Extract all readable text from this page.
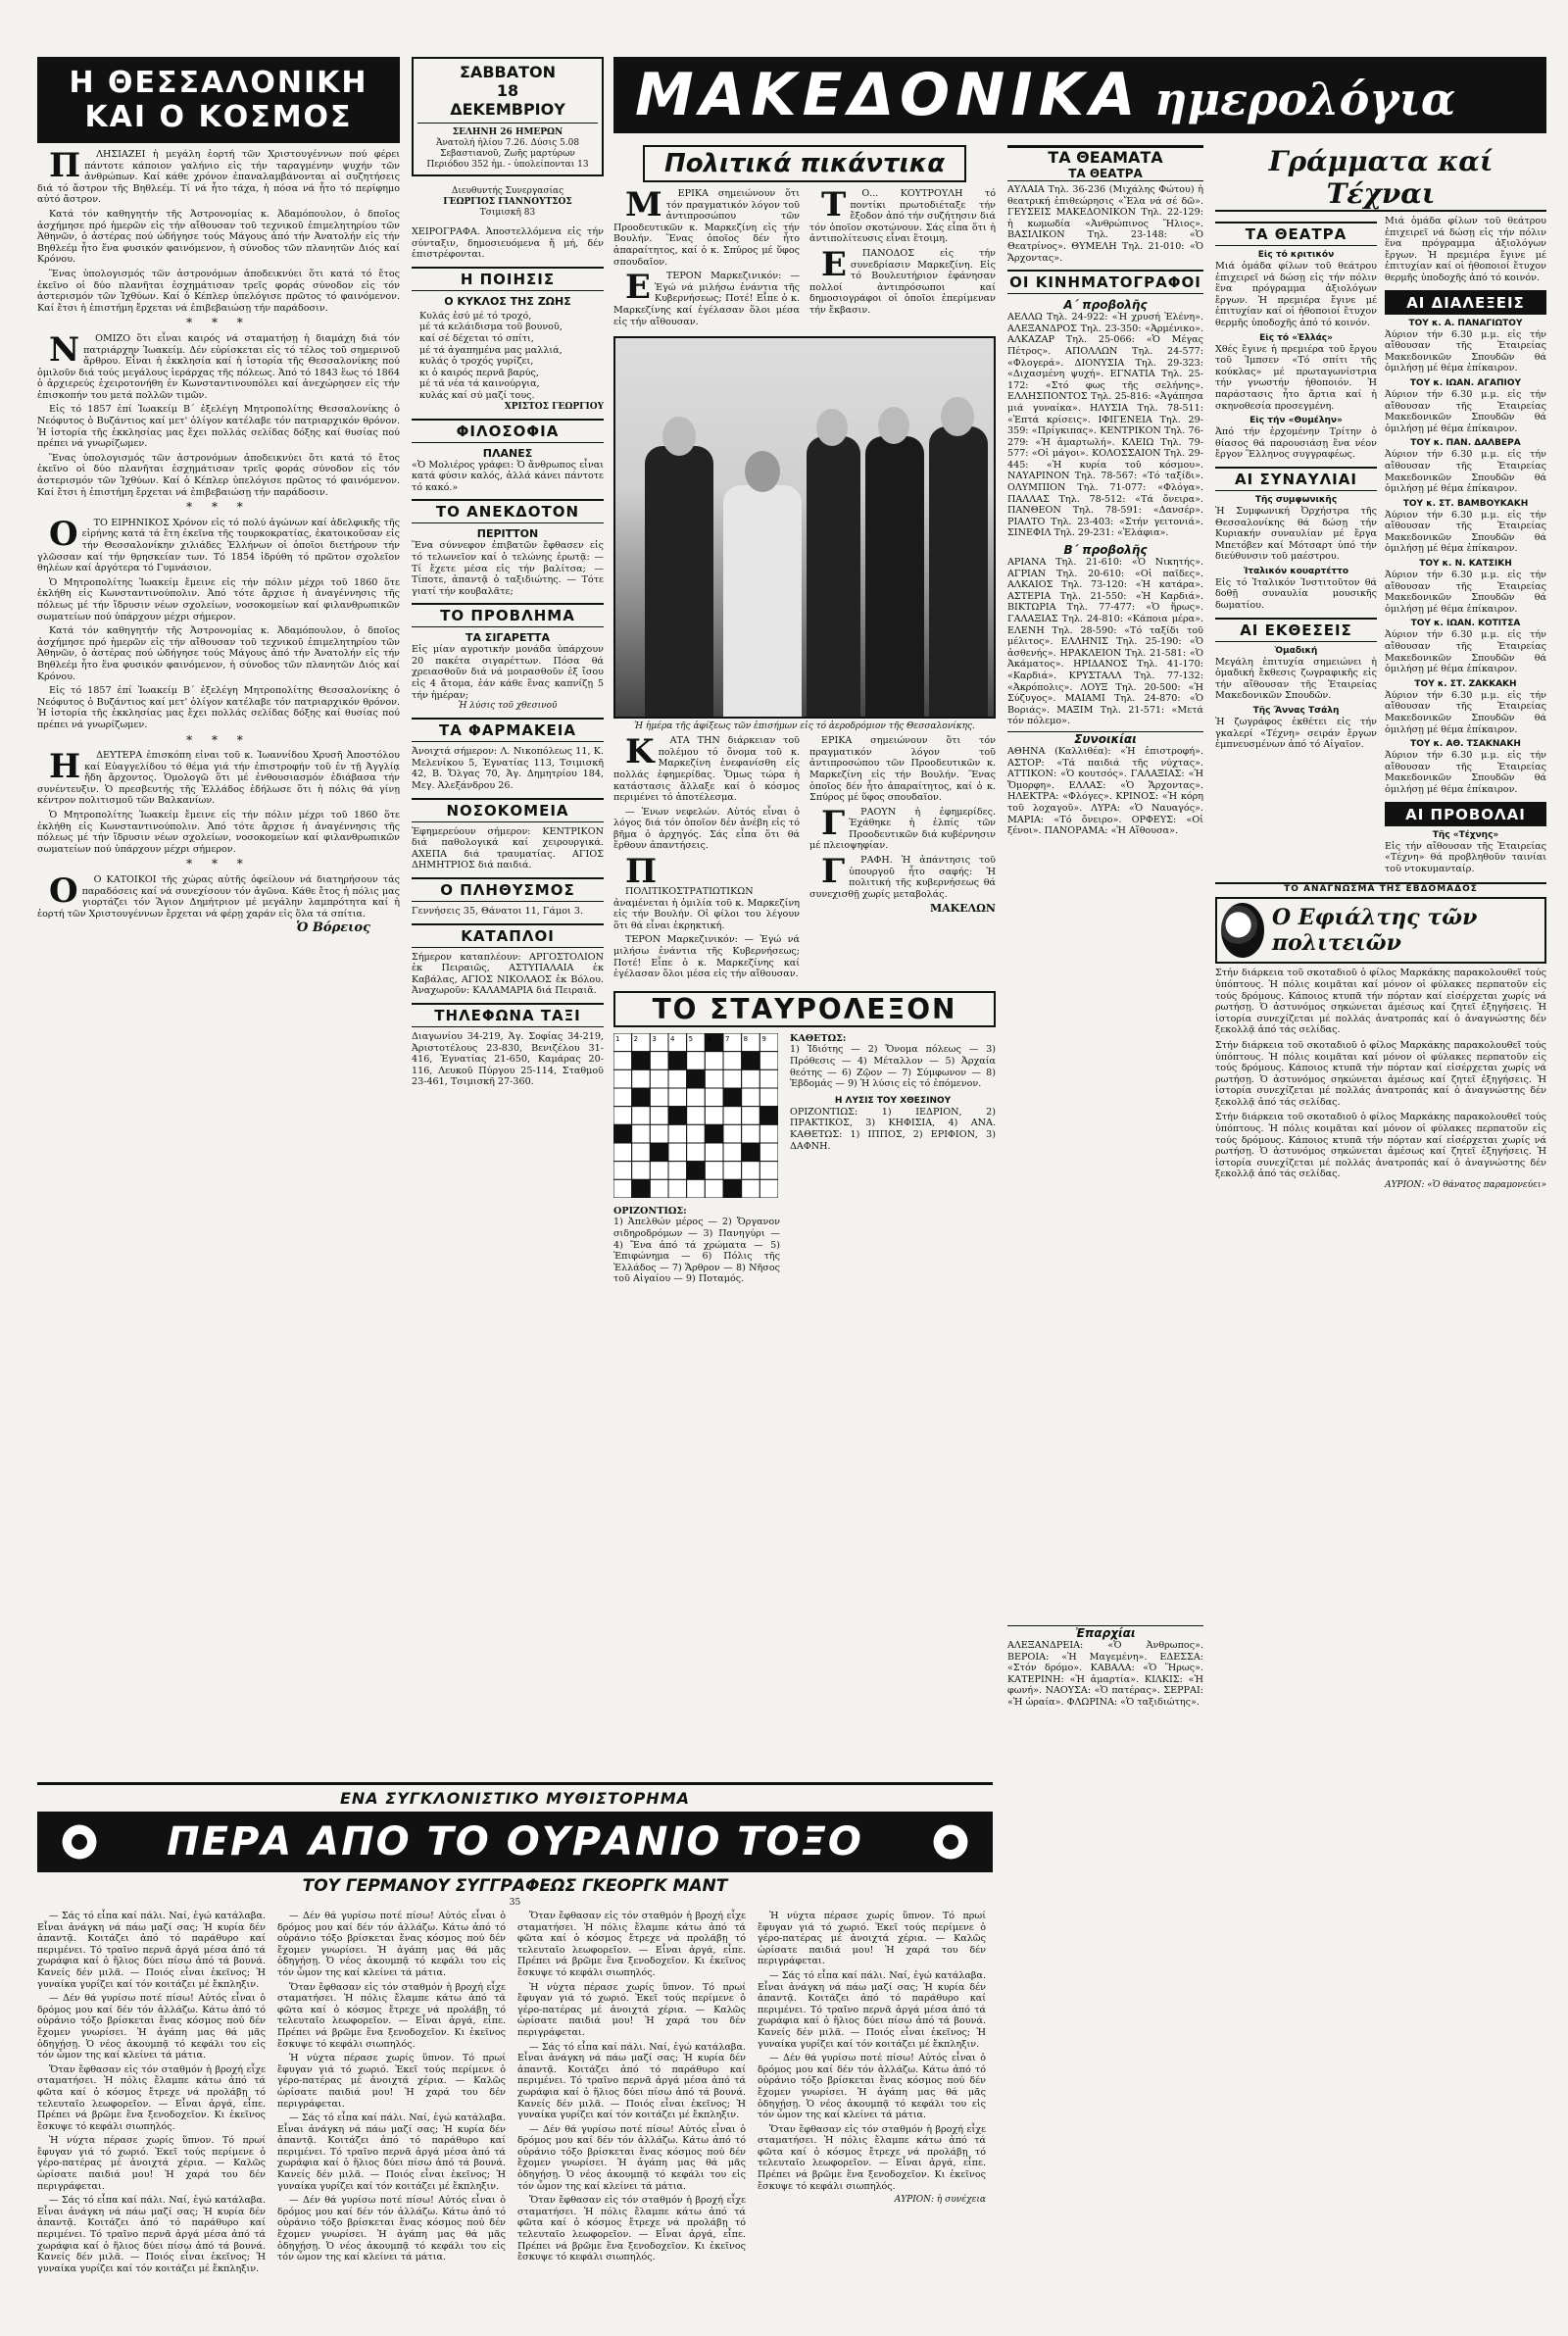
Η ΘΕΣΣΑΛΟΝΙΚΗ
ΚΑΙ Ο ΚΟΣΜΟΣ

Π ΛΗΣΙΑΖΕΙ ἡ μεγάλη ἑορτή τῶν Χριστουγέννων πού φέρει πάντοτε κάποιον γαλήνιο εἰς τήν ταραγμένην ψυχήν τῶν ἀνθρώπων. Καί κάθε χρόνον ἐπαναλαμβάνονται αἱ συζητήσεις διά τό ἄστρον τῆς Βηθλεέμ. Τί νά ἦτο τάχα, ἡ πόσα νά ἦτο τό περίφημο αὐτό ἄστρον.

Κατά τόν καθηγητήν τῆς Ἀστρονομίας κ. Ἀδαμόπουλον, ὁ δποῖος ἀσχήμησε πρό ἡμερῶν εἰς τήν αἴθουσαν τοῦ τεχνικοῦ ἐπιμελητηρίου τῶν Ἀθηνῶν, ὁ ἀστέρας πού ὡδήγησε τούς Μάγους ἀπό τήν Ἀνατολήν εἰς τήν Βηθλεέμ ἦτο ἕνα φυσικόν φαινόμενον, ἡ σύνοδος τῶν πλανητῶν Διός καί Κρόνου.

Ἕνας ὑπολογισμός τῶν ἀστρονόμων ἀποδεικνύει ὅτι κατά τό ἔτος ἐκεῖνο οἱ δύο πλανῆται ἐσχημάτισαν τρεῖς φοράς σύνοδον εἰς τόν ἀστερισμόν τῶν Ἰχθύων. Καί ὁ Κέπλερ ὑπελόγισε πρῶτος τό φαινόμενον. Καί ἔτσι ἡ ἐπιστήμη ἔρχεται νά ἐπιβεβαιώσῃ τήν παράδοσιν.

* * *

Ν ΟΜΙΖΟ ὅτι εἶναι καιρός νά σταματήσῃ ἡ διαμάχη διά τόν πατριάρχην Ἰωακείμ. Δέν εὑρίσκεται εἰς τό τέλος τοῦ σημερινοῦ ἄρθρου. Εἶναι ἡ ἐκκλησία καί ἡ ἱστορία τῆς Θεσσαλονίκης πού ὁμιλοῦν διά τούς μεγάλους ἱεράρχας τῆς πόλεως. Ἀπό τό 1843 ἕως τό 1864 ὁ ἀρχιερεύς ἐχειροτονήθη ἐν Κωνσταντινουπόλει καί ἀνεχώρησεν εἰς τήν ἐπισκοπήν του μετά πολλῶν τιμῶν.

Εἰς τό 1857 ἐπί Ἰωακείμ Β΄ ἐξελέγη Μητροπολίτης Θεσσαλονίκης ὁ Νεόφυτος ὁ Βυζάντιος καί μετ' ὀλίγον κατέλαβε τόν πατριαρχικόν θρόνον. Ἡ ἱστορία τῆς ἐκκλησίας μας ἔχει πολλάς σελίδας δόξης καί θυσίας πού πρέπει νά γνωρίζωμεν.

Ἕνας ὑπολογισμός τῶν ἀστρονόμων ἀποδεικνύει ὅτι κατά τό ἔτος ἐκεῖνο οἱ δύο πλανῆται ἐσχημάτισαν τρεῖς φοράς σύνοδον εἰς τόν ἀστερισμόν τῶν Ἰχθύων. Καί ὁ Κέπλερ ὑπελόγισε πρῶτος τό φαινόμενον. Καί ἔτσι ἡ ἐπιστήμη ἔρχεται νά ἐπιβεβαιώσῃ τήν παράδοσιν.

* * *

Ο ΤΟ ΕΙΡΗΝΙΚΟΣ Χρόνον εἰς τό πολύ ἀγώνων καί ἀδελφικῆς τῆς εἰρήνης κατά τά ἔτη ἐκεῖνα τῆς τουρκοκρατίας, ἐκατοικοῦσαν εἰς τήν Θεσσαλονίκην χιλιάδες Ἑλλήνων οἱ ὁποῖοι διετήρουν τήν γλῶσσαν καί τήν θρησκείαν των. Τό 1854 ἱδρύθη τό πρῶτον σχολεῖον θηλέων καί ἀργότερα τό Γυμνάσιον.

Ὁ Μητροπολίτης Ἰωακείμ ἔμεινε εἰς τήν πόλιν μέχρι τοῦ 1860 ὅτε ἐκλήθη εἰς Κωνσταντινούπολιν. Ἀπό τότε ἄρχισε ἡ ἀναγέννησις τῆς πόλεως μέ τήν ἵδρυσιν νέων σχολείων, νοσοκομείων καί φιλανθρωπικῶν σωματείων πού ὑπάρχουν μέχρι σήμερον.

Κατά τόν καθηγητήν τῆς Ἀστρονομίας κ. Ἀδαμόπουλον, ὁ δποῖος ἀσχήμησε πρό ἡμερῶν εἰς τήν αἴθουσαν τοῦ τεχνικοῦ ἐπιμελητηρίου τῶν Ἀθηνῶν, ὁ ἀστέρας πού ὡδήγησε τούς Μάγους ἀπό τήν Ἀνατολήν εἰς τήν Βηθλεέμ ἦτο ἕνα φυσικόν φαινόμενον, ἡ σύνοδος τῶν πλανητῶν Διός καί Κρόνου.

Εἰς τό 1857 ἐπί Ἰωακείμ Β΄ ἐξελέγη Μητροπολίτης Θεσσαλονίκης ὁ Νεόφυτος ὁ Βυζάντιος καί μετ' ὀλίγον κατέλαβε τόν πατριαρχικόν θρόνον. Ἡ ἱστορία τῆς ἐκκλησίας μας ἔχει πολλάς σελίδας δόξης καί θυσίας πού πρέπει νά γνωρίζωμεν.

* * *

Η ΔΕΥΤΕΡΑ ἐπισκόπη εἰναι τοῦ κ. Ἰωαννίδου Χρυσῆ Ἀποστόλου καί Εὐαγγελίδου τό θέμα γιά τήν ἐπιστροφήν τοῦ ἐν τῇ Ἀγγλίᾳ ἤδη ἄρχοντος. Ὁμολογῶ ὅτι μέ ἐνθουσιασμόν ἐδιάβασα τήν συνέντευξιν. Ὁ πρεσβευτής τῆς Ἑλλάδος ἐδήλωσε ὅτι ἡ πόλις θά γίνῃ κέντρον πολιτισμοῦ τῶν Βαλκανίων.

Ὁ Μητροπολίτης Ἰωακείμ ἔμεινε εἰς τήν πόλιν μέχρι τοῦ 1860 ὅτε ἐκλήθη εἰς Κωνσταντινούπολιν. Ἀπό τότε ἄρχισε ἡ ἀναγέννησις τῆς πόλεως μέ τήν ἵδρυσιν νέων σχολείων, νοσοκομείων καί φιλανθρωπικῶν σωματείων πού ὑπάρχουν μέχρι σήμερον.

* * *

Ο Ο ΚΑΤΟΙΚΟΙ τῆς χώρας αὐτῆς ὀφείλουν νά διατηρήσουν τάς παραδόσεις καί νά συνεχίσουν τόν ἀγῶνα. Κάθε ἔτος ἡ πόλις μας γιορτάζει τόν Ἅγιον Δημήτριον μέ μεγάλην λαμπρότητα καί ἡ ἑορτή τῶν Χριστουγέννων ἔρχεται νά φέρῃ χαράν εἰς ὅλα τά σπίτια.

Ὁ Βόρειος
ΣΑΒΒΑΤΟΝ
18
ΔΕΚΕΜΒΡΙΟΥ
ΣΕΛΗΝΗ 26 ΗΜΕΡΩΝ
Ἀνατολή ἡλίου 7.26. Δύσις 5.08
Σεβαστιανοῦ, Ζωῆς μαρτύρων
Περιόδου 352 ἡμ. - ὑπολείπονται 13
Διευθυντής Συνεργασίας
ΓΕΩΡΓΙΟΣ ΓΙΑΝΝΟΥΤΣΟΣ
Τσιμισκῆ 83
ΧΕΙΡΟΓΡΑΦΑ. Ἀποστελλόμενα εἰς τήν σύνταξιν, δημοσιευόμενα ἤ μή, δέν ἐπιστρέφονται.
Η ΠΟΙΗΣΙΣ
Ο ΚΥΚΛΟΣ ΤΗΣ ΖΩΗΣ
Κυλάς ἐσύ μέ τό τροχό,
μέ τά κελάιδισμα τοῦ βουνοῦ,
καί σέ δέχεται τό σπίτι,
μέ τά ἀγαπημένα μας μαλλιά,
κυλάς ὁ τροχός γυρίζει,
κι ὁ καιρός περνᾶ βαρύς,
μέ τά νέα τά καινούργια,
κυλάς καί σύ μαζί τους.
ΧΡΙΣΤΟΣ ΓΕΩΡΓΙΟΥ
ΦΙΛΟΣΟΦΙΑ
ΠΛΑΝΕΣ
«Ὁ Μολιέρος γράφει: Ὁ ἄνθρωπος εἶναι κατά φύσιν καλός, ἀλλά κάνει πάντοτε τό κακό.»
ΤΟ ΑΝΕΚΔΟΤΟΝ
ΠΕΡΙΤΤΟΝ
Ἕνα σύννεφον ἐπιβατῶν ἔφθασεν εἰς τό τελωνεῖον καί ὁ τελώνης ἐρωτᾷ: — Τί ἔχετε μέσα εἰς τήν βαλίτσα; — Τίποτε, ἀπαντᾷ ὁ ταξιδιώτης. — Τότε γιατί τήν κουβαλᾶτε;
ΤΟ ΠΡΟΒΛΗΜΑ
ΤΑ ΣΙΓΑΡΕΤΤΑ
Εἰς μίαν αγροτικήν μονάδα ὑπάρχουν 20 πακέτα σιγαρέττων. Πόσα θά χρειασθοῦν διά νά μοιρασθοῦν ἐξ ἴσου εἰς 4 ἄτομα, ἐάν κάθε ἕνας καπνίζῃ 5 τήν ἡμέραν;
Ἡ λύσις τοῦ χθεσινοῦ
ΤΑ ΦΑΡΜΑΚΕΙΑ
Ἀνοιχτά σήμερον: Λ. Νικοπόλεως 11, Κ. Μελενίκου 5, Ἐγνατίας 113, Τσιμισκῆ 42, Β. Ὄλγας 70, Ἁγ. Δημητρίου 184, Μεγ. Ἀλεξάνδρου 26.
ΝΟΣΟΚΟΜΕΙΑ
Ἐφημερεύουν σήμερον: ΚΕΝΤΡΙΚΟΝ διά παθολογικά καί χειρουργικά. ΑΧΕΠΑ διά τραυματίας. ΑΓΙΟΣ ΔΗΜΗΤΡΙΟΣ διά παιδιά.
Ο ΠΛΗΘΥΣΜΟΣ
Γεννήσεις 35, Θάνατοι 11, Γάμοι 3.
ΚΑΤΑΠΛΟΙ
Σήμερον καταπλέουν: ΑΡΓΟΣΤΟΛΙΟΝ ἐκ Πειραιῶς, ΑΣΤΥΠΑΛΑΙΑ ἐκ Καβάλας, ΑΓΙΟΣ ΝΙΚΟΛΑΟΣ ἐκ Βόλου. Ἀναχωροῦν: ΚΑΛΑΜΑΡΙΑ διά Πειραιᾶ.
ΤΗΛΕΦΩΝΑ ΤΑΞΙ
Διαγωνίου 34-219, Ἁγ. Σοφίας 34-219, Ἀριστοτέλους 23-830, Βενιζέλου 31-416, Ἐγνατίας 21-650, Καμάρας 20-116, Λευκοῦ Πύργου 25-114, Σταθμοῦ 23-461, Τσιμισκῆ 27-360.
ΜΑΚΕΔΟΝΙΚΑ ημερολόγια
Πολιτικά πικάντικα

Μ ΕΡΙΚΑ σημειώνουν ὅτι τόν πραγματικόν λόγον τοῦ ἀντιπροσώπου τῶν Προοδευτικῶν κ. Μαρκεζίνη εἰς τήν Βουλήν. Ἕνας ὁποῖος δέν ἦτο ἀπαραίτητος, καί ὁ κ. Σπύρος μέ ὕφος σπουδαῖον.

Ε ΤΕΡΟΝ Μαρκεζινικόν: — Ἐγώ νά μιλήσω ἐνάντια τῆς Κυβερνήσεως; Ποτέ! Εἶπε ὁ κ. Μαρκεζίνης καί ἐγέλασαν ὅλοι μέσα εἰς τήν αἴθουσαν.

Τ Ο... ΚΟΥΤΡΟΥΛΗ τό ποντίκι πρωτοδιέταξε τήν ἔξοδον ἀπό τήν συζήτησιν διά τόν ὁποῖον σκοτώνουν. Σάς εἶπα ὅτι ἡ ἀντιπολίτευσις εἶναι ἕτοιμη.

Ε ΠΑΝΟΔΟΣ εἰς τήν συνεδρίασιν Μαρκεζίνη. Εἰς τό Βουλευτήριον ἐφάνησαν πολλοί ἀντιπρόσωποι καί δημοσιογράφοι οἱ ὁποῖοι ἐπερίμεναν τήν ἔκβασιν.

Ἡ ἡμέρα τῆς ἀφίξεως τῶν ἐπισήμων εἰς τό ἀεροδρόμιον τῆς Θεσσαλονίκης.

Κ ΑΤΑ ΤΗΝ διάρκειαν τοῦ πολέμου τό ὄνομα τοῦ κ. Μαρκεζίνη ἐνεφανίσθη εἰς πολλάς ἐφημερίδας. Ὅμως τώρα ἡ κατάστασις ἄλλαξε καί ὁ κόσμος περιμένει τό ἀποτέλεσμα.

— Ἐνων νεφελών. Αὐτός εἶναι ὁ λόγος διά τόν ὁποῖον δέν ἀνέβη εἰς τό βῆμα ὁ ἀρχηγός. Σάς εἶπα ὅτι θά ἔρθουν ἀπαντήσεις.

Π
ΠΟΛΙΤΙΚΟΣΤΡΑΤΙΩΤΙΚΩΝ ἀναμένεται ἡ ὁμιλία τοῦ κ. Μαρκεζίνη εἰς τήν Βουλήν. Οἱ φίλοι του λέγουν ὅτι θά εἶναι ἐκρηκτική.

ΤΕΡΟΝ Μαρκεζινικόν: — Ἐγώ νά μιλήσω ἐνάντια τῆς Κυβερνήσεως; Ποτέ! Εἶπε ὁ κ. Μαρκεζίνης καί ἐγέλασαν ὅλοι μέσα εἰς τήν αἴθουσαν.

ΕΡΙΚΑ σημειώνουν ὅτι τόν πραγματικόν λόγον τοῦ ἀντιπροσώπου τῶν Προοδευτικῶν κ. Μαρκεζίνη εἰς τήν Βουλήν. Ἕνας ὁποῖος δέν ἦτο ἀπαραίτητος, καί ὁ κ. Σπύρος μέ ὕφος σπουδαῖον.

Γ ΡΑΟΥΝ ἡ ἐφημερίδες. Ἐχάθηκε ἡ ἐλπίς τῶν Προοδευτικῶν διά κυβέρνησιν μέ πλειοψηφίαν.

Γ ΡΑΦΗ. Ἡ ἀπάντησις τοῦ ὑπουργοῦ ἦτο σαφής: Ἡ πολιτική τῆς κυβερνήσεως θά συνεχισθῇ χωρίς μεταβολάς.

ΜΑΚΕΛΩΝ
ΤΟ ΣΤΑΥΡΟΛΕΞΟΝ
1 2 3 4 5 6 7 8 9
ΟΡΙΖΟΝΤΙΩΣ:
1) Ἀπελθών μέρος — 2) Ὄργανον σιδηροδρόμων — 3) Πανηγύρι — 4) Ἔνα ἀπό τά χρώματα — 5) Ἐπιφώνημα — 6) Πόλις τῆς Ἑλλάδος — 7) Ἄρθρον — 8) Νῆσος τοῦ Αἰγαίου — 9) Ποταμός.
ΚΑΘΕΤΩΣ:
1) Ἰδιότης — 2) Ὄνομα πόλεως — 3) Πρόθεσις — 4) Μέταλλον — 5) Ἀρχαία θεότης — 6) Ζῷον — 7) Σύμφωνον — 8) Ἑβδομάς — 9) Ἡ λύσις εἰς τό ἐπόμενον.
Η ΛΥΣΙΣ ΤΟΥ ΧΘΕΣΙΝΟΥ
ΟΡΙΖΟΝΤΙΩΣ: 1) ΙΕΔΡΙΟΝ, 2) ΠΡΑΚΤΙΚΟΣ, 3) ΚΗΦΙΣΙΑ, 4) ΑΝΑ. ΚΑΘΕΤΩΣ: 1) ΙΠΠΟΣ, 2) ΕΡΙΦΙΟΝ, 3) ΔΑΦΝΗ.
ΤΑ ΘΕΑΜΑΤΑ
ΤΑ ΘΕΑΤΡΑ
ΑΥΛΑΙΑ Τηλ. 36-236 (Μιχάλης Φώτου) ἡ θεατρική ἐπιθεώρησις «Ἔλα νά σέ δῶ». ΓΕΥΣΕΙΣ ΜΑΚΕΔΟΝΙΚΟΝ Τηλ. 22-129: ἡ κωμωδία «Ἀνθρώπινος Ἥλιος». ΒΑΣΙΛΙΚΟΝ Τηλ. 23-148: «Ὁ Θεατρίνος». ΘΥΜΕΛΗ Τηλ. 21-010: «Ὁ Ἄρχοντας».
ΟΙ ΚΙΝΗΜΑΤΟΓΡΑΦΟΙ
Α΄ προβολῆς
ΑΕΛΛΩ Τηλ. 24-922: «Ἡ χρυσή Ἐλένη». ΑΛΕΞΑΝΔΡΟΣ Τηλ. 23-350: «Ἀρμένικο». ΑΛΚΑΖΑΡ Τηλ. 25-066: «Ὁ Μέγας Πέτρος». ΑΠΟΛΛΩΝ Τηλ. 24-577: «Φλογερά». ΔΙΟΝΥΣΙΑ Τηλ. 29-323: «Διχασμένη ψυχή». ΕΓΝΑΤΙΑ Τηλ. 25-172: «Στό φως τῆς σελήνης». ΕΛΛΗΣΠΟΝΤΟΣ Τηλ. 25-816: «Ἀγάπησα μιά γυναίκα». ΗΛΥΣΙΑ Τηλ. 78-511: «Ἐπτά κρίσεις». ΙΦΙΓΕΝΕΙΑ Τηλ. 29-359: «Πρίγκιπας». ΚΕΝΤΡΙΚΟΝ Τηλ. 76-279: «Ἡ ἀμαρτωλή». ΚΛΕΙΩ Τηλ. 79-577: «Οἱ μάγοι». ΚΟΛΟΣΣΑΙΟΝ Τηλ. 29-445: «Ἡ κυρία τοῦ κόσμου». ΝΑΥΑΡΙΝΟΝ Τηλ. 78-567: «Τό ταξίδι». ΟΛΥΜΠΙΟΝ Τηλ. 71-077: «Φλόγα». ΠΑΛΛΑΣ Τηλ. 78-512: «Τά ὄνειρα». ΠΑΝΘΕΟΝ Τηλ. 78-591: «Δανσέρ». ΡΙΑΛΤΟ Τηλ. 23-403: «Στήν γειτονιά». ΣΙΝΕΦΙΛ Τηλ. 29-231: «Ἐλάφια».
Β΄ προβολῆς
ΑΡΙΑΝΑ Τηλ. 21-610: «Ὁ Νικητής». ΑΓΡΙΑΝ Τηλ. 20-610: «Οἱ παῖδες». ΑΛΚΑΙΟΣ Τηλ. 73-120: «Ἡ κατάρα». ΑΣΤΕΡΙΑ Τηλ. 21-550: «Ἡ Καρδιά». ΒΙΚΤΩΡΙΑ Τηλ. 77-477: «Ὁ ἥρως». ΓΑΛΑΞΙΑΣ Τηλ. 24-810: «Κάποια μέρα». ΕΛΕΝΗ Τηλ. 28-590: «Τό ταξίδι τοῦ μέλιτος». ΕΛΛΗΝΙΣ Τηλ. 25-190: «Ὁ ἀσθενής». ΗΡΑΚΛΕΙΟΝ Τηλ. 21-581: «Ὁ Ἀκάματος». ΗΡΙΔΑΝΟΣ Τηλ. 41-170: «Καρδιά». ΚΡΥΣΤΑΛΛ Τηλ. 77-132: «Ἀκρόπολις». ΛΟΥΞ Τηλ. 20-500: «Ἡ Σύζυγος». ΜΑΙΑΜΙ Τηλ. 24-870: «Ὁ Βοριάς». ΜΑΞΙΜ Τηλ. 21-571: «Μετά τόν πόλεμο».
Συνοικίαι
ΑΘΗΝΑ (Καλλιθέα): «Ἡ ἐπιστροφή». ΑΣΤΟΡ: «Τά παιδιά τῆς νύχτας». ΑΤΤΙΚΟΝ: «Ὁ κουτσός». ΓΑΛΑΞΙΑΣ: «Ἡ Ὄμορφη». ΕΛΛΑΣ: «Ὁ Ἄρχοντας». ΗΛΕΚΤΡΑ: «Φλόγες». ΚΡΙΝΟΣ: «Ἡ κόρη τοῦ λοχαγοῦ». ΛΥΡΑ: «Ὁ Ναυαγός». ΜΑΡΙΑ: «Τό ὄνειρο». ΟΡΦΕΥΣ: «Οἱ ξένοι». ΠΑΝΟΡΑΜΑ: «Ἡ Αἴθουσα».
Γράμματα καί Τέχναι
ΤΑ ΘΕΑΤΡΑ
Εἰς τό κριτικόν
Μιά ὁμάδα φίλων τοῦ θεάτρου ἐπιχειρεῖ νά δώσῃ εἰς τήν πόλιν ἕνα πρόγραμμα ἀξιολόγων ἔργων. Ἡ πρεμιέρα ἔγινε μέ ἐπιτυχίαν καί οἱ ἠθοποιοί ἔτυχον θερμῆς ὑποδοχῆς ἀπό τό κοινόν.
Εἰς τό «Ἑλλάς»
Χθές ἔγινε ἡ πρεμιέρα τοῦ ἔργου τοῦ Ἰμπσεν «Τό σπίτι τῆς κούκλας» μέ πρωταγωνίστρια τήν γνωστήν ἠθοποιόν. Ἡ παράστασις ἦτο ἄρτια καί ἡ σκηνοθεσία προσεγμένη.
Εἰς τήν «Θυμέλην»
Ἀπό τήν ἐρχομένην Τρίτην ὁ θίασος θά παρουσιάσῃ ἕνα νέον ἔργον Ἕλληνος συγγραφέως.
ΑΙ ΣΥΝΑΥΛΙΑΙ
Τῆς συμφωνικῆς
Ἡ Συμφωνική Ὀρχήστρα τῆς Θεσσαλονίκης θά δώσῃ τήν Κυριακήν συναυλίαν μέ ἔργα Μπετόβεν καί Μότσαρτ ὑπό τήν διεύθυνσιν τοῦ μαέστρου.
Ἰταλικόν κουαρτέττο
Εἰς τό Ἰταλικόν Ἰνστιτοῦτον θά δοθῇ συναυλία μουσικῆς δωματίου.
ΑΙ ΕΚΘΕΣΕΙΣ
Ὁμαδική
Μεγάλη ἐπιτυχία σημειώνει ἡ ὁμαδική ἔκθεσις ζωγραφικῆς εἰς τήν αἴθουσαν τῆς Ἑταιρείας Μακεδονικῶν Σπουδῶν.
Τῆς Ἄννας Τσάλη
Ἡ ζωγράφος ἐκθέτει εἰς τήν γκαλερί «Τέχνη» σειράν ἔργων ἐμπνευσμένων ἀπό τό Αἰγαῖον.
Μιά ὁμάδα φίλων τοῦ θεάτρου ἐπιχειρεῖ νά δώσῃ εἰς τήν πόλιν ἕνα πρόγραμμα ἀξιολόγων ἔργων. Ἡ πρεμιέρα ἔγινε μέ ἐπιτυχίαν καί οἱ ἠθοποιοί ἔτυχον θερμῆς ὑποδοχῆς ἀπό τό κοινόν.
ΑΙ ΔΙΑΛΕΞΕΙΣ
ΤΟΥ κ. Α. ΠΑΝΑΓΙΩΤΟΥ
Ἀύριον τήν 6.30 μ.μ. εἰς τήν αἴθουσαν τῆς Ἑταιρείας Μακεδονικῶν Σπουδῶν θά ὁμιλήσῃ μέ θέμα ἐπίκαιρον.
ΤΟΥ κ. ΙΩΑΝ. ΑΓΑΠΙΟΥ
Ἀύριον τήν 6.30 μ.μ. εἰς τήν αἴθουσαν τῆς Ἑταιρείας Μακεδονικῶν Σπουδῶν θά ὁμιλήσῃ μέ θέμα ἐπίκαιρον.
ΤΟΥ κ. ΠΑΝ. ΔΑΛΒΕΡΑ
Ἀύριον τήν 6.30 μ.μ. εἰς τήν αἴθουσαν τῆς Ἑταιρείας Μακεδονικῶν Σπουδῶν θά ὁμιλήσῃ μέ θέμα ἐπίκαιρον.
ΤΟΥ κ. ΣΤ. ΒΑΜΒΟΥΚΑΚΗ
Ἀύριον τήν 6.30 μ.μ. εἰς τήν αἴθουσαν τῆς Ἑταιρείας Μακεδονικῶν Σπουδῶν θά ὁμιλήσῃ μέ θέμα ἐπίκαιρον.
ΤΟΥ κ. Ν. ΚΑΤΣΙΚΗ
Ἀύριον τήν 6.30 μ.μ. εἰς τήν αἴθουσαν τῆς Ἑταιρείας Μακεδονικῶν Σπουδῶν θά ὁμιλήσῃ μέ θέμα ἐπίκαιρον.
ΤΟΥ κ. ΙΩΑΝ. ΚΟΤΙΤΣΑ
Ἀύριον τήν 6.30 μ.μ. εἰς τήν αἴθουσαν τῆς Ἑταιρείας Μακεδονικῶν Σπουδῶν θά ὁμιλήσῃ μέ θέμα ἐπίκαιρον.
ΤΟΥ κ. ΣΤ. ΖΑΚΚΑΚΗ
Ἀύριον τήν 6.30 μ.μ. εἰς τήν αἴθουσαν τῆς Ἑταιρείας Μακεδονικῶν Σπουδῶν θά ὁμιλήσῃ μέ θέμα ἐπίκαιρον.
ΤΟΥ κ. ΑΘ. ΤΣΑΚΝΑΚΗ
Ἀύριον τήν 6.30 μ.μ. εἰς τήν αἴθουσαν τῆς Ἑταιρείας Μακεδονικῶν Σπουδῶν θά ὁμιλήσῃ μέ θέμα ἐπίκαιρον.
ΑΙ ΠΡΟΒΟΛΑΙ
Τῆς «Τέχνης»
Εἰς τήν αἴθουσαν τῆς Ἑταιρείας «Τέχνη» θά προβληθοῦν ταινίαι τοῦ ντοκυμανταίρ.
ΤΟ ΑΝΑΓΝΩΣΜΑ ΤΗΣ ΕΒΔΟΜΑΔΟΣ
Ο Εφιάλτης τῶν πολιτειῶν
Στήν διάρκεια τοῦ σκοταδιοῦ ὁ φίλος Μαρκάκης παρακολουθεῖ τούς ὑπόπτους. Ἡ πόλις κοιμᾶται καί μόνον οἱ φύλακες περπατοῦν εἰς τούς δρόμους. Κάποιος κτυπᾶ τήν πόρταν καί εἰσέρχεται χωρίς νά ρωτήσῃ. Ὁ ἀστυνόμος σηκώνεται ἀμέσως καί ζητεῖ ἐξηγήσεις. Ἡ ἱστορία συνεχίζεται μέ πολλάς ἀνατροπάς καί ὁ ἀναγνώστης δέν ξεκολλᾷ ἀπό τάς σελίδας.
Στήν διάρκεια τοῦ σκοταδιοῦ ὁ φίλος Μαρκάκης παρακολουθεῖ τούς ὑπόπτους. Ἡ πόλις κοιμᾶται καί μόνον οἱ φύλακες περπατοῦν εἰς τούς δρόμους. Κάποιος κτυπᾶ τήν πόρταν καί εἰσέρχεται χωρίς νά ρωτήσῃ. Ὁ ἀστυνόμος σηκώνεται ἀμέσως καί ζητεῖ ἐξηγήσεις. Ἡ ἱστορία συνεχίζεται μέ πολλάς ἀνατροπάς καί ὁ ἀναγνώστης δέν ξεκολλᾷ ἀπό τάς σελίδας.
Στήν διάρκεια τοῦ σκοταδιοῦ ὁ φίλος Μαρκάκης παρακολουθεῖ τούς ὑπόπτους. Ἡ πόλις κοιμᾶται καί μόνον οἱ φύλακες περπατοῦν εἰς τούς δρόμους. Κάποιος κτυπᾶ τήν πόρταν καί εἰσέρχεται χωρίς νά ρωτήσῃ. Ὁ ἀστυνόμος σηκώνεται ἀμέσως καί ζητεῖ ἐξηγήσεις. Ἡ ἱστορία συνεχίζεται μέ πολλάς ἀνατροπάς καί ὁ ἀναγνώστης δέν ξεκολλᾷ ἀπό τάς σελίδας.
ΑΥΡΙΟΝ: «Ὁ θάνατος παραμονεύει»
Ἐπαρχίαι
ΑΛΕΞΑΝΔΡΕΙΑ: «Ὁ Ἀνθρωπος». ΒΕΡΟΙΑ: «Ἡ Μαγεμένη». ΕΔΕΣΣΑ: «Στόν δρόμο». ΚΑΒΑΛΑ: «Ὁ Ἥρως». ΚΑΤΕΡΙΝΗ: «Ἡ ἀμαρτία». ΚΙΛΚΙΣ: «Ἡ φωνή». ΝΑΟΥΣΑ: «Ὁ πατέρας». ΣΕΡΡΑΙ: «Ἡ ὡραία». ΦΛΩΡΙΝΑ: «Ὁ ταξιδιώτης».
ΕΝΑ ΣΥΓΚΛΟΝΙΣΤΙΚΟ ΜΥΘΙΣΤΟΡΗΜΑ
ΠΕΡΑ ΑΠΟ ΤΟ ΟΥΡΑΝΙΟ ΤΟΞΟ
ΤΟΥ ΓΕΡΜΑΝΟΥ ΣΥΓΓΡΑΦΕΩΣ ΓΚΕΟΡΓΚ ΜΑΝΤ
35

— Σάς τό εἶπα καί πάλι. Ναί, ἐγώ κατάλαβα. Εἶναι ἀνάγκη νά πάω μαζί σας; Ἡ κυρία δέν ἀπαντᾷ. Κοιτάζει ἀπό τό παράθυρο καί περιμένει. Τό τραῖνο περνᾶ ἀργά μέσα ἀπό τά χωράφια καί ὁ ἥλιος δύει πίσω ἀπό τά βουνά. Κανείς δέν μιλᾶ. — Ποιός εἶναι ἐκεῖνος; Ἡ γυναίκα γυρίζει καί τόν κοιτάζει μέ ἔκπληξιν.

— Δέν θά γυρίσω ποτέ πίσω! Αὐτός εἶναι ὁ δρόμος μου καί δέν τόν ἀλλάζω. Κάτω ἀπό τό οὐράνιο τόξο βρίσκεται ἕνας κόσμος πού δέν ἔχομεν γνωρίσει. Ἡ ἀγάπη μας θά μᾶς ὁδηγήσῃ. Ὁ νέος ἀκουμπᾷ τό κεφάλι του εἰς τόν ὦμον της καί κλείνει τά μάτια.

Ὅταν ἔφθασαν εἰς τόν σταθμόν ἡ βροχή εἶχε σταματήσει. Ἡ πόλις ἔλαμπε κάτω ἀπό τά φῶτα καί ὁ κόσμος ἔτρεχε νά προλάβῃ τό τελευταῖο λεωφορεῖον. — Εἶναι ἀργά, εἶπε. Πρέπει νά βρῶμε ἕνα ξενοδοχεῖον. Κι ἐκεῖνος ἔσκυψε τό κεφάλι σιωπηλός.

Ἡ νύχτα πέρασε χωρίς ὕπνον. Τό πρωί ἔφυγαν γιά τό χωριό. Ἐκεῖ τούς περίμενε ὁ γέρο-πατέρας μέ ἀνοιχτά χέρια. — Καλῶς ὡρίσατε παιδιά μου! Ἡ χαρά του δέν περιγράφεται.

— Σάς τό εἶπα καί πάλι. Ναί, ἐγώ κατάλαβα. Εἶναι ἀνάγκη νά πάω μαζί σας; Ἡ κυρία δέν ἀπαντᾷ. Κοιτάζει ἀπό τό παράθυρο καί περιμένει. Τό τραῖνο περνᾶ ἀργά μέσα ἀπό τά χωράφια καί ὁ ἥλιος δύει πίσω ἀπό τά βουνά. Κανείς δέν μιλᾶ. — Ποιός εἶναι ἐκεῖνος; Ἡ γυναίκα γυρίζει καί τόν κοιτάζει μέ ἔκπληξιν.

— Δέν θά γυρίσω ποτέ πίσω! Αὐτός εἶναι ὁ δρόμος μου καί δέν τόν ἀλλάζω. Κάτω ἀπό τό οὐράνιο τόξο βρίσκεται ἕνας κόσμος πού δέν ἔχομεν γνωρίσει. Ἡ ἀγάπη μας θά μᾶς ὁδηγήσῃ. Ὁ νέος ἀκουμπᾷ τό κεφάλι του εἰς τόν ὦμον της καί κλείνει τά μάτια.

Ὅταν ἔφθασαν εἰς τόν σταθμόν ἡ βροχή εἶχε σταματήσει. Ἡ πόλις ἔλαμπε κάτω ἀπό τά φῶτα καί ὁ κόσμος ἔτρεχε νά προλάβῃ τό τελευταῖο λεωφορεῖον. — Εἶναι ἀργά, εἶπε. Πρέπει νά βρῶμε ἕνα ξενοδοχεῖον. Κι ἐκεῖνος ἔσκυψε τό κεφάλι σιωπηλός.

Ἡ νύχτα πέρασε χωρίς ὕπνον. Τό πρωί ἔφυγαν γιά τό χωριό. Ἐκεῖ τούς περίμενε ὁ γέρο-πατέρας μέ ἀνοιχτά χέρια. — Καλῶς ὡρίσατε παιδιά μου! Ἡ χαρά του δέν περιγράφεται.

— Σάς τό εἶπα καί πάλι. Ναί, ἐγώ κατάλαβα. Εἶναι ἀνάγκη νά πάω μαζί σας; Ἡ κυρία δέν ἀπαντᾷ. Κοιτάζει ἀπό τό παράθυρο καί περιμένει. Τό τραῖνο περνᾶ ἀργά μέσα ἀπό τά χωράφια καί ὁ ἥλιος δύει πίσω ἀπό τά βουνά. Κανείς δέν μιλᾶ. — Ποιός εἶναι ἐκεῖνος; Ἡ γυναίκα γυρίζει καί τόν κοιτάζει μέ ἔκπληξιν.

— Δέν θά γυρίσω ποτέ πίσω! Αὐτός εἶναι ὁ δρόμος μου καί δέν τόν ἀλλάζω. Κάτω ἀπό τό οὐράνιο τόξο βρίσκεται ἕνας κόσμος πού δέν ἔχομεν γνωρίσει. Ἡ ἀγάπη μας θά μᾶς ὁδηγήσῃ. Ὁ νέος ἀκουμπᾷ τό κεφάλι του εἰς τόν ὦμον της καί κλείνει τά μάτια.

Ὅταν ἔφθασαν εἰς τόν σταθμόν ἡ βροχή εἶχε σταματήσει. Ἡ πόλις ἔλαμπε κάτω ἀπό τά φῶτα καί ὁ κόσμος ἔτρεχε νά προλάβῃ τό τελευταῖο λεωφορεῖον. — Εἶναι ἀργά, εἶπε. Πρέπει νά βρῶμε ἕνα ξενοδοχεῖον. Κι ἐκεῖνος ἔσκυψε τό κεφάλι σιωπηλός.

Ἡ νύχτα πέρασε χωρίς ὕπνον. Τό πρωί ἔφυγαν γιά τό χωριό. Ἐκεῖ τούς περίμενε ὁ γέρο-πατέρας μέ ἀνοιχτά χέρια. — Καλῶς ὡρίσατε παιδιά μου! Ἡ χαρά του δέν περιγράφεται.

— Σάς τό εἶπα καί πάλι. Ναί, ἐγώ κατάλαβα. Εἶναι ἀνάγκη νά πάω μαζί σας; Ἡ κυρία δέν ἀπαντᾷ. Κοιτάζει ἀπό τό παράθυρο καί περιμένει. Τό τραῖνο περνᾶ ἀργά μέσα ἀπό τά χωράφια καί ὁ ἥλιος δύει πίσω ἀπό τά βουνά. Κανείς δέν μιλᾶ. — Ποιός εἶναι ἐκεῖνος; Ἡ γυναίκα γυρίζει καί τόν κοιτάζει μέ ἔκπληξιν.

— Δέν θά γυρίσω ποτέ πίσω! Αὐτός εἶναι ὁ δρόμος μου καί δέν τόν ἀλλάζω. Κάτω ἀπό τό οὐράνιο τόξο βρίσκεται ἕνας κόσμος πού δέν ἔχομεν γνωρίσει. Ἡ ἀγάπη μας θά μᾶς ὁδηγήσῃ. Ὁ νέος ἀκουμπᾷ τό κεφάλι του εἰς τόν ὦμον της καί κλείνει τά μάτια.

Ὅταν ἔφθασαν εἰς τόν σταθμόν ἡ βροχή εἶχε σταματήσει. Ἡ πόλις ἔλαμπε κάτω ἀπό τά φῶτα καί ὁ κόσμος ἔτρεχε νά προλάβῃ τό τελευταῖο λεωφορεῖον. — Εἶναι ἀργά, εἶπε. Πρέπει νά βρῶμε ἕνα ξενοδοχεῖον. Κι ἐκεῖνος ἔσκυψε τό κεφάλι σιωπηλός.

Ἡ νύχτα πέρασε χωρίς ὕπνον. Τό πρωί ἔφυγαν γιά τό χωριό. Ἐκεῖ τούς περίμενε ὁ γέρο-πατέρας μέ ἀνοιχτά χέρια. — Καλῶς ὡρίσατε παιδιά μου! Ἡ χαρά του δέν περιγράφεται.

— Σάς τό εἶπα καί πάλι. Ναί, ἐγώ κατάλαβα. Εἶναι ἀνάγκη νά πάω μαζί σας; Ἡ κυρία δέν ἀπαντᾷ. Κοιτάζει ἀπό τό παράθυρο καί περιμένει. Τό τραῖνο περνᾶ ἀργά μέσα ἀπό τά χωράφια καί ὁ ἥλιος δύει πίσω ἀπό τά βουνά. Κανείς δέν μιλᾶ. — Ποιός εἶναι ἐκεῖνος; Ἡ γυναίκα γυρίζει καί τόν κοιτάζει μέ ἔκπληξιν.

— Δέν θά γυρίσω ποτέ πίσω! Αὐτός εἶναι ὁ δρόμος μου καί δέν τόν ἀλλάζω. Κάτω ἀπό τό οὐράνιο τόξο βρίσκεται ἕνας κόσμος πού δέν ἔχομεν γνωρίσει. Ἡ ἀγάπη μας θά μᾶς ὁδηγήσῃ. Ὁ νέος ἀκουμπᾷ τό κεφάλι του εἰς τόν ὦμον της καί κλείνει τά μάτια.

Ὅταν ἔφθασαν εἰς τόν σταθμόν ἡ βροχή εἶχε σταματήσει. Ἡ πόλις ἔλαμπε κάτω ἀπό τά φῶτα καί ὁ κόσμος ἔτρεχε νά προλάβῃ τό τελευταῖο λεωφορεῖον. — Εἶναι ἀργά, εἶπε. Πρέπει νά βρῶμε ἕνα ξενοδοχεῖον. Κι ἐκεῖνος ἔσκυψε τό κεφάλι σιωπηλός.

ΑΥΡΙΟΝ: ἡ συνέχεια
